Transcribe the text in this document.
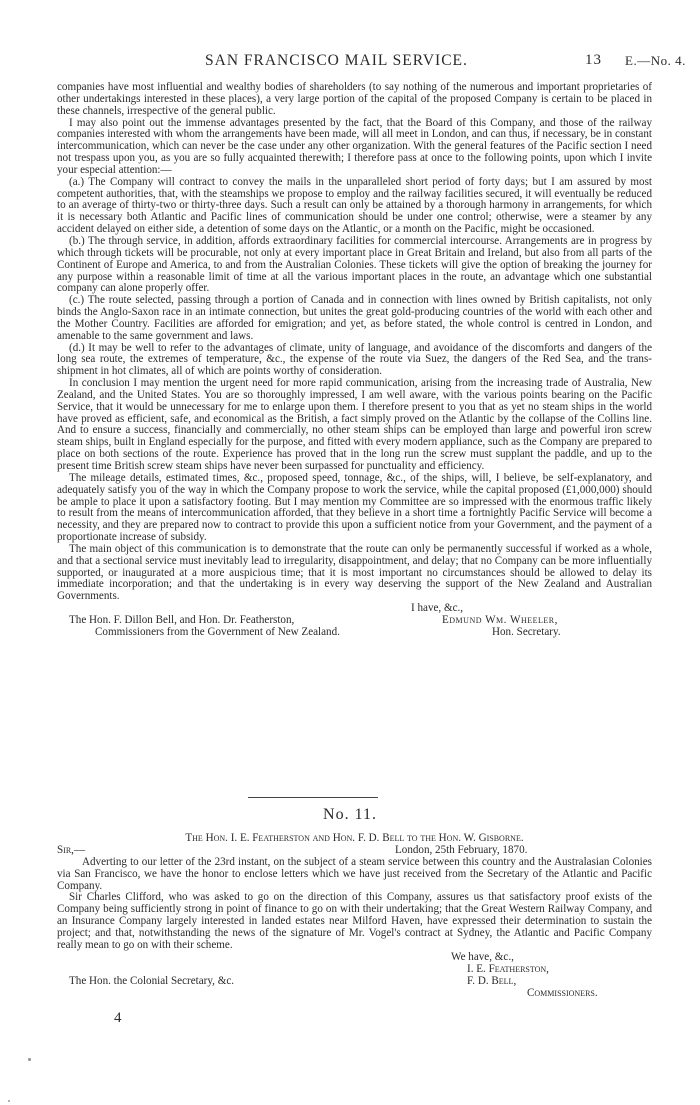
SAN FRANCISCO MAIL SERVICE.	13 E.—No. 4.

companies have most influential and wealthy bodies of shareholders (to say nothing of the numerous and important proprietaries of other undertakings interested in these places), a very large portion of the capital of the proposed Company is certain to be placed in these channels, irrespective of the general public.

I may also point out the immense advantages presented by the fact, that the Board of this Company, and those of the railway companies interested with whom the arrangements have been made, will all meet in London, and can thus, if necessary, be in constant intercommunication, which can never be the case under any other organization. With the general features of the Pacific section I need not trespass upon you, as you are so fully acquainted therewith; I therefore pass at once to the following points, upon which I invite your especial attention:—

(a.) The Company will contract to convey the mails in the unparalleled short period of forty days; but I am assured by most competent authorities, that, with the steamships we propose to employ and the railway facilities secured, it will eventually be reduced to an average of thirty-two or thirty-three days. Such a result can only be attained by a thorough harmony in arrangements, for which it is necessary both Atlantic and Pacific lines of communication should be under one control; otherwise, were a steamer by any accident delayed on either side, a detention of some days on the Atlantic, or a month on the Pacific, might be occasioned.

(b.) The through service, in addition, affords extraordinary facilities for commercial intercourse. Arrangements are in progress by which through tickets will be procurable, not only at every important place in Great Britain and Ireland, but also from all parts of the Continent of Europe and America, to and from the Australian Colonies. These tickets will give the option of breaking the journey for any purpose within a reasonable limit of time at all the various important places in the route, an advantage which one substantial company can alone properly offer.

(c.) The route selected, passing through a portion of Canada and in connection with lines owned by British capitalists, not only binds the Anglo-Saxon race in an intimate connection, but unites the great gold-producing countries of the world with each other and the Mother Country. Facilities are afforded for emigration; and yet, as before stated, the whole control is centred in London, and amenable to the same government and laws.

(d.) It may be well to refer to the advantages of climate, unity of language, and avoidance of the discomforts and dangers of the long sea route, the extremes of temperature, &c., the expense of the route via Suez, the dangers of the Red Sea, and the trans-shipment in hot climates, all of which are points worthy of consideration.

In conclusion I may mention the urgent need for more rapid communication, arising from the increasing trade of Australia, New Zealand, and the United States. You are so thoroughly impressed, I am well aware, with the various points bearing on the Pacific Service, that it would be unnecessary for me to enlarge upon them. I therefore present to you that as yet no steam ships in the world have proved as efficient, safe, and economical as the British, a fact simply proved on the Atlantic by the collapse of the Collins line. And to ensure a success, financially and commercially, no other steam ships can be employed than large and powerful iron screw steam ships, built in England especially for the purpose, and fitted with every modern appliance, such as the Company are prepared to place on both sections of the route. Experience has proved that in the long run the screw must supplant the paddle, and up to the present time British screw steam ships have never been surpassed for punctuality and efficiency.

The mileage details, estimated times, &c., proposed speed, tonnage, &c., of the ships, will, I believe, be self-explanatory, and adequately satisfy you of the way in which the Company propose to work the service, while the capital proposed (£1,000,000) should be ample to place it upon a satisfactory footing. But I may mention my Committee are so impressed with the enormous traffic likely to result from the means of intercommunication afforded, that they believe in a short time a fortnightly Pacific Service will become a necessity, and they are prepared now to contract to provide this upon a sufficient notice from your Government, and the payment of a proportionate increase of subsidy.

The main object of this communication is to demonstrate that the route can only be permanently successful if worked as a whole, and that a sectional service must inevitably lead to irregularity, disappointment, and delay; that no Company can be more influentially supported, or inaugurated at a more auspicious time; that it is most important no circumstances should be allowed to delay its immediate incorporation; and that the undertaking is in every way deserving the support of the New Zealand and Australian Governments.

I have, &c.,
The Hon. F. Dillon Bell, and Hon. Dr. Featherston,	Edmund Wm. Wheeler,
Commissioners from the Government of New Zealand.	Hon. Secretary.
No. 11.

The Hon. I. E. Featherston and Hon. F. D. Bell to the Hon. W. Gisborne.

Sir,—	London, 25th February, 1870.

Adverting to our letter of the 23rd instant, on the subject of a steam service between this country and the Australasian Colonies via San Francisco, we have the honor to enclose letters which we have just received from the Secretary of the Atlantic and Pacific Company.

Sir Charles Clifford, who was asked to go on the direction of this Company, assures us that satisfactory proof exists of the Company being sufficiently strong in point of finance to go on with their undertaking; that the Great Western Railway Company, and an Insurance Company largely interested in landed estates near Milford Haven, have expressed their determination to sustain the project; and that, notwithstanding the news of the signature of Mr. Vogel's contract at Sydney, the Atlantic and Pacific Company really mean to go on with their scheme.

We have, &c.,
I. E. Featherston,
The Hon. the Colonial Secretary, &c.	F. D. Bell,
Commissioners.
4
